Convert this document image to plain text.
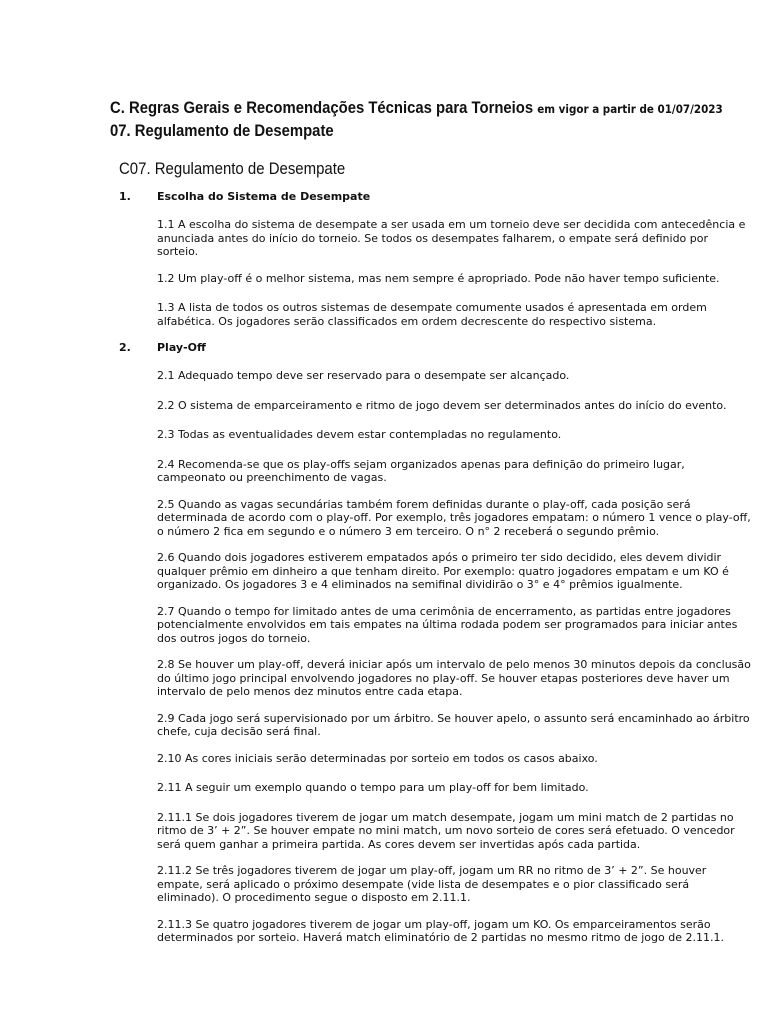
C. Regras Gerais e Recomendações Técnicas para Torneios em vigor a partir de 01/07/2023
07. Regulamento de Desempate
C07. Regulamento de Desempate
1.	Escolha do Sistema de Desempate
1.1 A escolha do sistema de desempate a ser usada em um torneio deve ser decidida com antecedência e anunciada antes do início do torneio. Se todos os desempates falharem, o empate será definido por sorteio.
1.2 Um play-off é o melhor sistema, mas nem sempre é apropriado. Pode não haver tempo suficiente.
1.3 A lista de todos os outros sistemas de desempate comumente usados é apresentada em ordem alfabética. Os jogadores serão classificados em ordem decrescente do respectivo sistema.
2.	Play-Off
2.1 Adequado tempo deve ser reservado para o desempate ser alcançado.
2.2 O sistema de emparceiramento e ritmo de jogo devem ser determinados antes do início do evento.
2.3 Todas as eventualidades devem estar contempladas no regulamento.
2.4 Recomenda-se que os play-offs sejam organizados apenas para definição do primeiro lugar, campeonato ou preenchimento de vagas.
2.5 Quando as vagas secundárias também forem definidas durante o play-off, cada posição será determinada de acordo com o play-off. Por exemplo, três jogadores empatam: o número 1 vence o play-off, o número 2 fica em segundo e o número 3 em terceiro. O n° 2 receberá o segundo prêmio.
2.6 Quando dois jogadores estiverem empatados após o primeiro ter sido decidido, eles devem dividir qualquer prêmio em dinheiro a que tenham direito. Por exemplo: quatro jogadores empatam e um KO é organizado. Os jogadores 3 e 4 eliminados na semifinal dividirão o 3° e 4° prêmios igualmente.
2.7 Quando o tempo for limitado antes de uma cerimônia de encerramento, as partidas entre jogadores potencialmente envolvidos em tais empates na última rodada podem ser programados para iniciar antes dos outros jogos do torneio.
2.8 Se houver um play-off, deverá iniciar após um intervalo de pelo menos 30 minutos depois da conclusão do último jogo principal envolvendo jogadores no play-off. Se houver etapas posteriores deve haver um intervalo de pelo menos dez minutos entre cada etapa.
2.9 Cada jogo será supervisionado por um árbitro. Se houver apelo, o assunto será encaminhado ao árbitro chefe, cuja decisão será final.
2.10 As cores iniciais serão determinadas por sorteio em todos os casos abaixo.
2.11 A seguir um exemplo quando o tempo para um play-off for bem limitado.
2.11.1 Se dois jogadores tiverem de jogar um match desempate, jogam um mini match de 2 partidas no ritmo de 3’ + 2”. Se houver empate no mini match, um novo sorteio de cores será efetuado. O vencedor será quem ganhar a primeira partida. As cores devem ser invertidas após cada partida.
2.11.2 Se três jogadores tiverem de jogar um play-off, jogam um RR no ritmo de 3’ + 2”. Se houver empate, será aplicado o próximo desempate (vide lista de desempates e o pior classificado será eliminado). O procedimento segue o disposto em 2.11.1.
2.11.3 Se quatro jogadores tiverem de jogar um play-off, jogam um KO. Os emparceiramentos serão determinados por sorteio. Haverá match eliminatório de 2 partidas no mesmo ritmo de jogo de 2.11.1.
